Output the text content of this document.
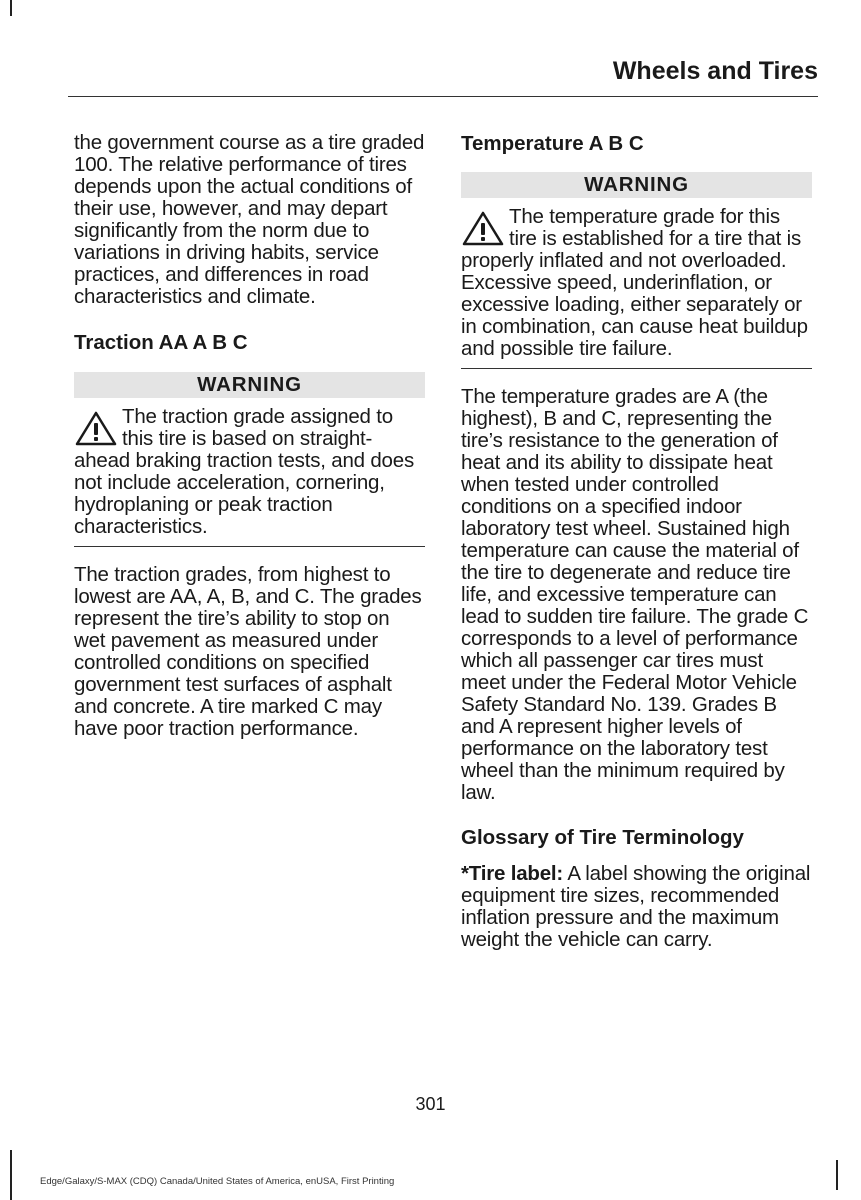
Wheels and Tires

the government course as a tire graded 100. The relative performance of tires depends upon the actual conditions of their use, however, and may depart significantly from the norm due to variations in driving habits, service practices, and differences in road characteristics and climate.

Traction AA A B C
WARNING

The traction grade assigned to this tire is based on straight-ahead braking traction tests, and does not include acceleration, cornering, hydroplaning or peak traction characteristics.

The traction grades, from highest to lowest are AA, A, B, and C. The grades represent the tire’s ability to stop on wet pavement as measured under controlled conditions on specified government test surfaces of asphalt and concrete. A tire marked C may have poor traction performance.

Temperature A B C
WARNING

The temperature grade for this tire is established for a tire that is properly inflated and not overloaded. Excessive speed, underinflation, or excessive loading, either separately or in combination, can cause heat buildup and possible tire failure.

The temperature grades are A (the highest), B and C, representing the tire’s resistance to the generation of heat and its ability to dissipate heat when tested under controlled conditions on a specified indoor laboratory test wheel. Sustained high temperature can cause the material of the tire to degenerate and reduce tire life, and excessive temperature can lead to sudden tire failure. The grade C corresponds to a level of performance which all passenger car tires must meet under the Federal Motor Vehicle Safety Standard No. 139. Grades B and A represent higher levels of performance on the laboratory test wheel than the minimum required by law.

Glossary of Tire Terminology

*Tire label: A label showing the original equipment tire sizes, recommended inflation pressure and the maximum weight the vehicle can carry.

301
Edge/Galaxy/S-MAX (CDQ) Canada/United States of America, enUSA, First Printing
